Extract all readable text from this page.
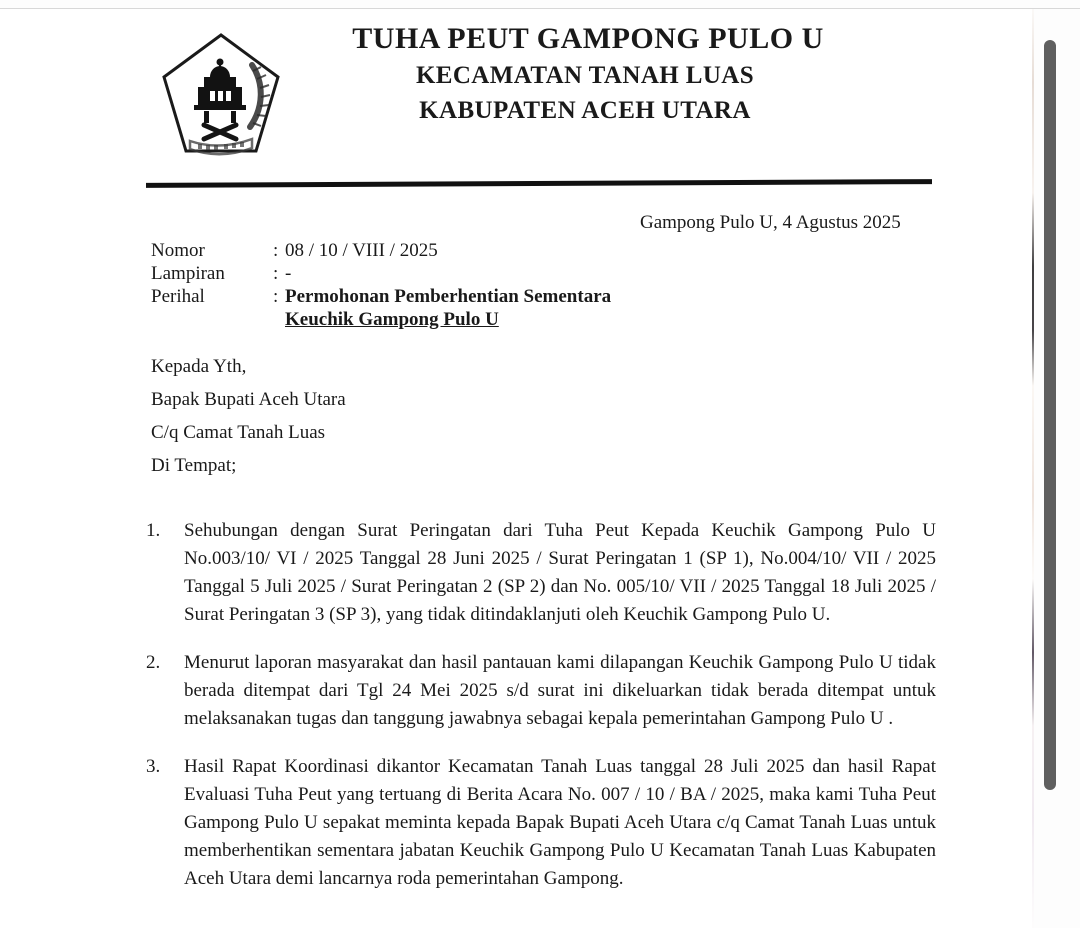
TUHA PEUT GAMPONG PULO U
KECAMATAN TANAH LUAS
KABUPATEN ACEH UTARA
Gampong Pulo U, 4 Agustus 2025
Nomor	: 08 / 10 / VIII / 2025
Lampiran	: -
Perihal	: Permohonan Pemberhentian Sementara
Keuchik Gampong Pulo U
Kepada Yth,
Bapak Bupati Aceh Utara
C/q Camat Tanah Luas
Di Tempat;
1.	Sehubungan dengan Surat Peringatan dari Tuha Peut Kepada Keuchik Gampong Pulo U No.003/10/ VI / 2025 Tanggal 28 Juni 2025 / Surat Peringatan 1 (SP 1), No.004/10/ VII / 2025 Tanggal 5 Juli 2025 / Surat Peringatan 2 (SP 2) dan No. 005/10/ VII / 2025 Tanggal 18 Juli 2025 / Surat Peringatan 3 (SP 3), yang tidak ditindaklanjuti oleh Keuchik Gampong Pulo U.
2.	Menurut laporan masyarakat dan hasil pantauan kami dilapangan Keuchik Gampong Pulo U tidak berada ditempat dari Tgl 24 Mei 2025 s/d surat ini dikeluarkan tidak berada ditempat untuk melaksanakan tugas dan tanggung jawabnya sebagai kepala pemerintahan Gampong Pulo U .
3.	Hasil Rapat Koordinasi dikantor Kecamatan Tanah Luas tanggal 28 Juli 2025 dan hasil Rapat Evaluasi Tuha Peut yang tertuang di Berita Acara No. 007 / 10 / BA / 2025, maka kami Tuha Peut Gampong Pulo U sepakat meminta kepada Bapak Bupati Aceh Utara c/q Camat Tanah Luas untuk memberhentikan sementara jabatan Keuchik Gampong Pulo U Kecamatan Tanah Luas Kabupaten Aceh Utara demi lancarnya roda pemerintahan Gampong.
